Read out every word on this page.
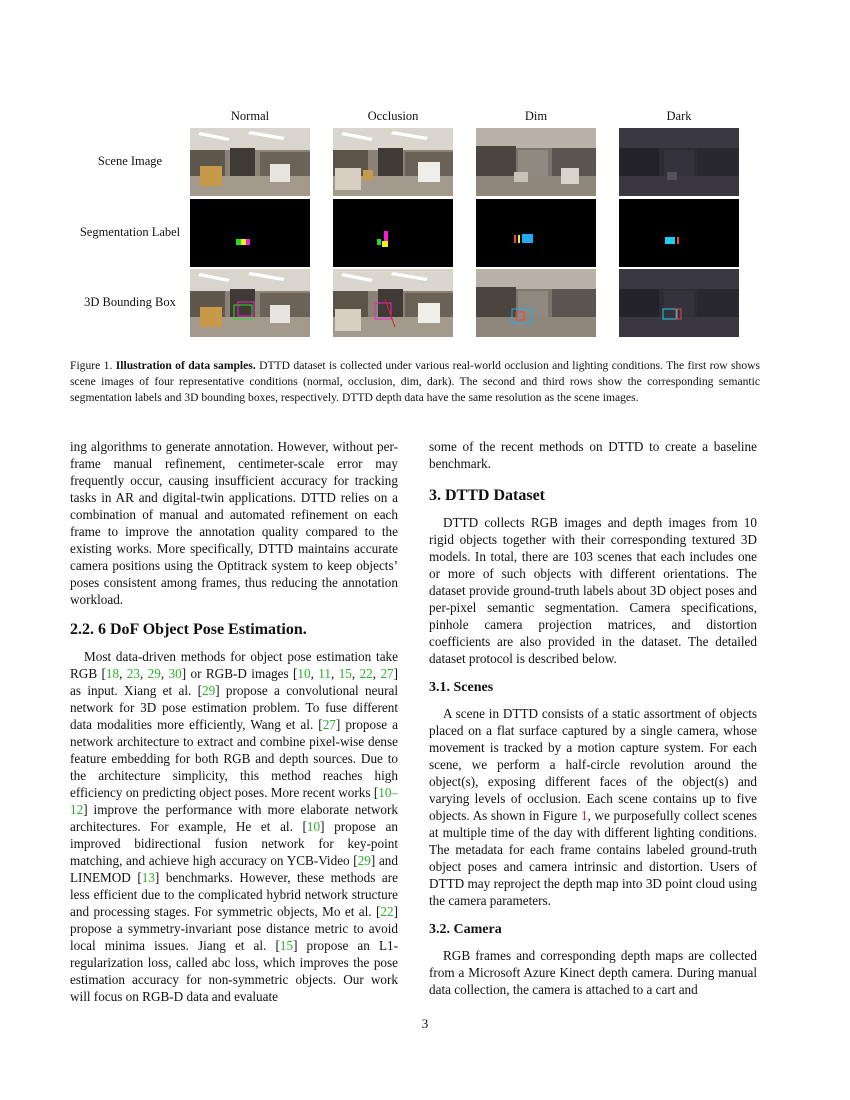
Normal	Occlusion	Dim	Dark
Scene Image
Segmentation Label
3D Bounding Box
Figure 1. Illustration of data samples. DTTD dataset is collected under various real-world occlusion and lighting conditions. The first row shows scene images of four representative conditions (normal, occlusion, dim, dark). The second and third rows show the corresponding semantic segmentation labels and 3D bounding boxes, respectively. DTTD depth data have the same resolution as the scene images.

ing algorithms to generate annotation. However, without per-frame manual refinement, centimeter-scale error may frequently occur, causing insufficient accuracy for tracking tasks in AR and digital-twin applications. DTTD relies on a combination of manual and automated refinement on each frame to improve the annotation quality compared to the existing works. More specifically, DTTD maintains accurate camera positions using the Optitrack system to keep objects’ poses consistent among frames, thus reducing the annotation workload.

2.2. 6 DoF Object Pose Estimation.

Most data-driven methods for object pose estimation take RGB [18, 23, 29, 30] or RGB-D images [10, 11, 15, 22, 27] as input. Xiang et al. [29] propose a convolutional neural network for 3D pose estimation problem. To fuse different data modalities more efficiently, Wang et al. [27] propose a network architecture to extract and combine pixel-wise dense feature embedding for both RGB and depth sources. Due to the architecture simplicity, this method reaches high efficiency on predicting object poses. More recent works [10–12] improve the performance with more elaborate network architectures. For example, He et al. [10] propose an improved bidirectional fusion network for key-point matching, and achieve high accuracy on YCB-Video [29] and LINEMOD [13] benchmarks. However, these methods are less efficient due to the complicated hybrid network structure and processing stages. For symmetric objects, Mo et al. [22] propose a symmetry-invariant pose distance metric to avoid local minima issues. Jiang et al. [15] propose an L1-regularization loss, called abc loss, which improves the pose estimation accuracy for non-symmetric objects. Our work will focus on RGB-D data and evaluate

some of the recent methods on DTTD to create a baseline benchmark.

3. DTTD Dataset

DTTD collects RGB images and depth images from 10 rigid objects together with their corresponding textured 3D models. In total, there are 103 scenes that each includes one or more of such objects with different orientations. The dataset provide ground-truth labels about 3D object poses and per-pixel semantic segmentation. Camera specifications, pinhole camera projection matrices, and distortion coefficients are also provided in the dataset. The detailed dataset protocol is described below.

3.1. Scenes

A scene in DTTD consists of a static assortment of objects placed on a flat surface captured by a single camera, whose movement is tracked by a motion capture system. For each scene, we perform a half-circle revolution around the object(s), exposing different faces of the object(s) and varying levels of occlusion. Each scene contains up to five objects. As shown in Figure 1, we purposefully collect scenes at multiple time of the day with different lighting conditions. The metadata for each frame contains labeled ground-truth object poses and camera intrinsic and distortion. Users of DTTD may reproject the depth map into 3D point cloud using the camera parameters.

3.2. Camera

RGB frames and corresponding depth maps are collected from a Microsoft Azure Kinect depth camera. During manual data collection, the camera is attached to a cart and

3
